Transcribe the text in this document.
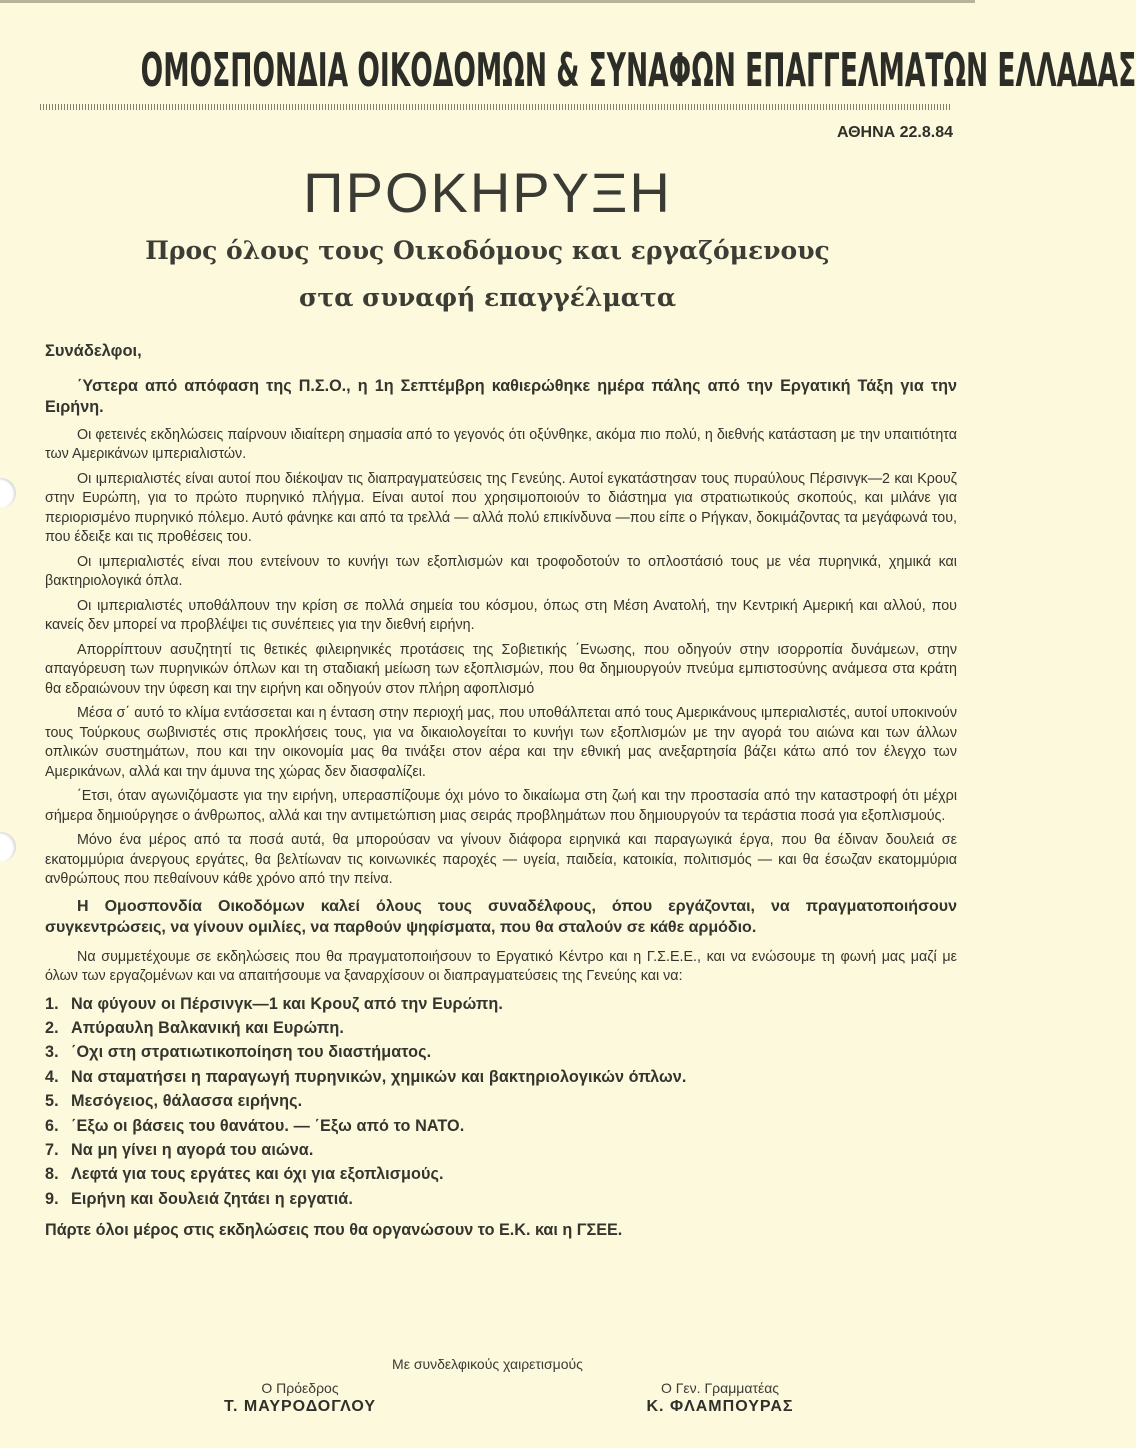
ΟΜΟΣΠΟΝΔΙΑ ΟΙΚΟΔΟΜΩΝ & ΣΥΝΑΦΩΝ ΕΠΑΓΓΕΛΜΑΤΩΝ ΕΛΛΑΔΑΣ
ΑΘΗΝΑ 22.8.84
ΠΡΟΚΗΡΥΞΗ
Προς όλους τους Οικοδόμους και εργαζόμενους
στα συναφή επαγγέλματα

Συνάδελφοι,

΄Υστερα από απόφαση της Π.Σ.Ο., η 1η Σεπτέμβρη καθιερώθηκε ημέρα πάλης από την Εργατική Τάξη για την Ειρήνη.

Οι φετεινές εκδηλώσεις παίρνουν ιδιαίτερη σημασία από το γεγονός ότι οξύνθηκε, ακόμα πιο πολύ, η διεθνής κατάσταση με την υπαιτιότητα των Αμερικάνων ιμπεριαλιστών.

Οι ιμπεριαλιστές είναι αυτοί που διέκοψαν τις διαπραγματεύσεις της Γενεύης. Αυτοί εγκατάστησαν τους πυραύλους Πέρσινγκ—2 και Κρουζ στην Ευρώπη, για το πρώτο πυρηνικό πλήγμα. Είναι αυτοί που χρησιμοποιούν το διάστημα για στρατιωτικούς σκοπούς, και μιλάνε για περιορισμένο πυρηνικό πόλεμο. Αυτό φάνηκε και από τα τρελλά — αλλά πολύ επικίνδυνα —που είπε ο Ρήγκαν, δοκιμάζοντας τα μεγάφωνά του, που έδειξε και τις προθέσεις του.

Οι ιμπεριαλιστές είναι που εντείνουν το κυνήγι των εξοπλισμών και τροφοδοτούν το οπλοστάσιό τους με νέα πυρηνικά, χημικά και βακτηριολογικά όπλα.

Οι ιμπεριαλιστές υποθάλπουν την κρίση σε πολλά σημεία του κόσμου, όπως στη Μέση Ανατολή, την Κεντρική Αμερική και αλλού, που κανείς δεν μπορεί να προβλέψει τις συνέπειες για την διεθνή ειρήνη.

Απορρίπτουν ασυζητητί τις θετικές φιλειρηνικές προτάσεις της Σοβιετικής ΄Ενωσης, που οδηγούν στην ισορροπία δυνάμεων, στην απαγόρευση των πυρηνικών όπλων και τη σταδιακή μείωση των εξοπλισμών, που θα δημιουργούν πνεύμα εμπιστοσύνης ανάμεσα στα κράτη θα εδραιώνουν την ύφεση και την ειρήνη και οδηγούν στον πλήρη αφοπλισμό

Μέσα σ΄ αυτό το κλίμα εντάσσεται και η ένταση στην περιοχή μας, που υποθάλπεται από τους Αμερικάνους ιμπεριαλιστές, αυτοί υποκινούν τους Τούρκους σωβινιστές στις προκλήσεις τους, για να δικαιολογείται το κυνήγι των εξοπλισμών με την αγορά του αιώνα και των άλλων οπλικών συστημάτων, που και την οικονομία μας θα τινάξει στον αέρα και την εθνική μας ανεξαρτησία βάζει κάτω από τον έλεγχο των Αμερικάνων, αλλά και την άμυνα της χώρας δεν διασφαλίζει.

΄Ετσι, όταν αγωνιζόμαστε για την ειρήνη, υπερασπίζουμε όχι μόνο το δικαίωμα στη ζωή και την προστασία από την καταστροφή ότι μέχρι σήμερα δημιούργησε ο άνθρωπος, αλλά και την αντιμετώπιση μιας σειράς προβλημάτων που δημιουργούν τα τεράστια ποσά για εξοπλισμούς.

Μόνο ένα μέρος από τα ποσά αυτά, θα μπορούσαν να γίνουν διάφορα ειρηνικά και παραγωγικά έργα, που θα έδιναν δουλειά σε εκατομμύρια άνεργους εργάτες, θα βελτίωναν τις κοινωνικές παροχές — υγεία, παιδεία, κατοικία, πολιτισμός — και θα έσωζαν εκατομμύρια ανθρώπους που πεθαίνουν κάθε χρόνο από την πείνα.

Η Ομοσπονδία Οικοδόμων καλεί όλους τους συναδέλφους, όπου εργάζονται, να πραγματοποιήσουν συγκεντρώσεις, να γίνουν ομιλίες, να παρθούν ψηφίσματα, που θα σταλούν σε κάθε αρμόδιο.

Να συμμετέχουμε σε εκδηλώσεις που θα πραγματοποιήσουν το Εργατικό Κέντρο και η Γ.Σ.Ε.Ε., και να ενώσουμε τη φωνή μας μαζί με όλων των εργαζομένων και να απαιτήσουμε να ξαναρχίσουν οι διαπραγματεύσεις της Γενεύης και να:

1. Να φύγουν οι Πέρσινγκ—1 και Κρουζ από την Ευρώπη.
2. Απύραυλη Βαλκανική και Ευρώπη.
3. ΄Οχι στη στρατιωτικοποίηση του διαστήματος.
4. Να σταματήσει η παραγωγή πυρηνικών, χημικών και βακτηριολογικών όπλων.
5. Μεσόγειος, θάλασσα ειρήνης.
6. ΄Εξω οι βάσεις του θανάτου. — ΄Εξω από το ΝΑΤΟ.
7. Να μη γίνει η αγορά του αιώνα.
8. Λεφτά για τους εργάτες και όχι για εξοπλισμούς.
9. Ειρήνη και δουλειά ζητάει η εργατιά.

Πάρτε όλοι μέρος στις εκδηλώσεις που θα οργανώσουν το Ε.Κ. και η ΓΣΕΕ.

Με συνδελφικούς χαιρετισμούς
Ο Πρόεδρος
Τ. ΜΑΥΡΟΔΟΓΛΟΥ
Ο Γεν. Γραμματέας
Κ. ΦΛΑΜΠΟΥΡΑΣ
